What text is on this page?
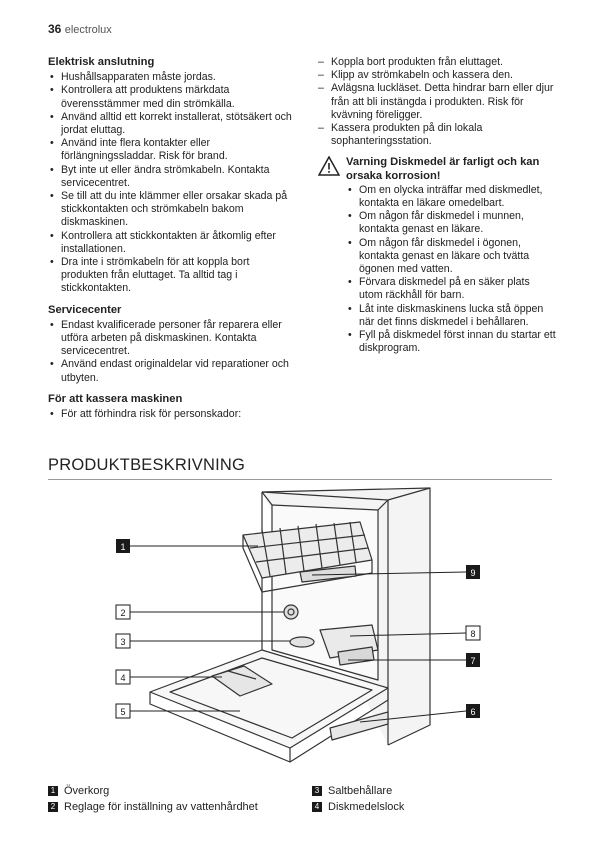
36 electrolux
Elektrisk anslutning
• Hushållsapparaten måste jordas.
• Kontrollera att produktens märkdata överensstämmer med din strömkälla.
• Använd alltid ett korrekt installerat, stötsäkert och jordat eluttag.
• Använd inte flera kontakter eller förlängningssladdar. Risk för brand.
• Byt inte ut eller ändra strömkabeln. Kontakta servicecentret.
• Se till att du inte klämmer eller orsakar skada på stickkontakten och strömkabeln bakom diskmaskinen.
• Kontrollera att stickkontakten är åtkomlig efter installationen.
• Dra inte i strömkabeln för att koppla bort produkten från eluttaget. Ta alltid tag i stickkontakten.
Servicecenter
• Endast kvalificerade personer får reparera eller utföra arbeten på diskmaskinen. Kontakta servicecentret.
• Använd endast originaldelar vid reparationer och utbyten.
För att kassera maskinen
• För att förhindra risk för personskador:
– Koppla bort produkten från eluttaget.
– Klipp av strömkabeln och kassera den.
– Avlägsna luckläset. Detta hindrar barn eller djur från att bli instängda i produkten. Risk för kvävning föreligger.
– Kassera produkten på din lokala sophanteringsstation.
Varning Diskmedel är farligt och kan orsaka korrosion!
• Om en olycka inträffar med diskmedlet, kontakta en läkare omedelbart.
• Om någon får diskmedel i munnen, kontakta genast en läkare.
• Om någon får diskmedel i ögonen, kontakta genast en läkare och tvätta ögonen med vatten.
• Förvara diskmedel på en säker plats utom räckhåll för barn.
• Låt inte diskmaskinens lucka stå öppen när det finns diskmedel i behållaren.
• Fyll på diskmedel först innan du startar ett diskprogram.
PRODUKTBESKRIVNING
1
2
3
4
5	6
7
8
9
1 Överkorg
2 Reglage för inställning av vattenhårdhet
3 Saltbehållare
4 Diskmedelslock
